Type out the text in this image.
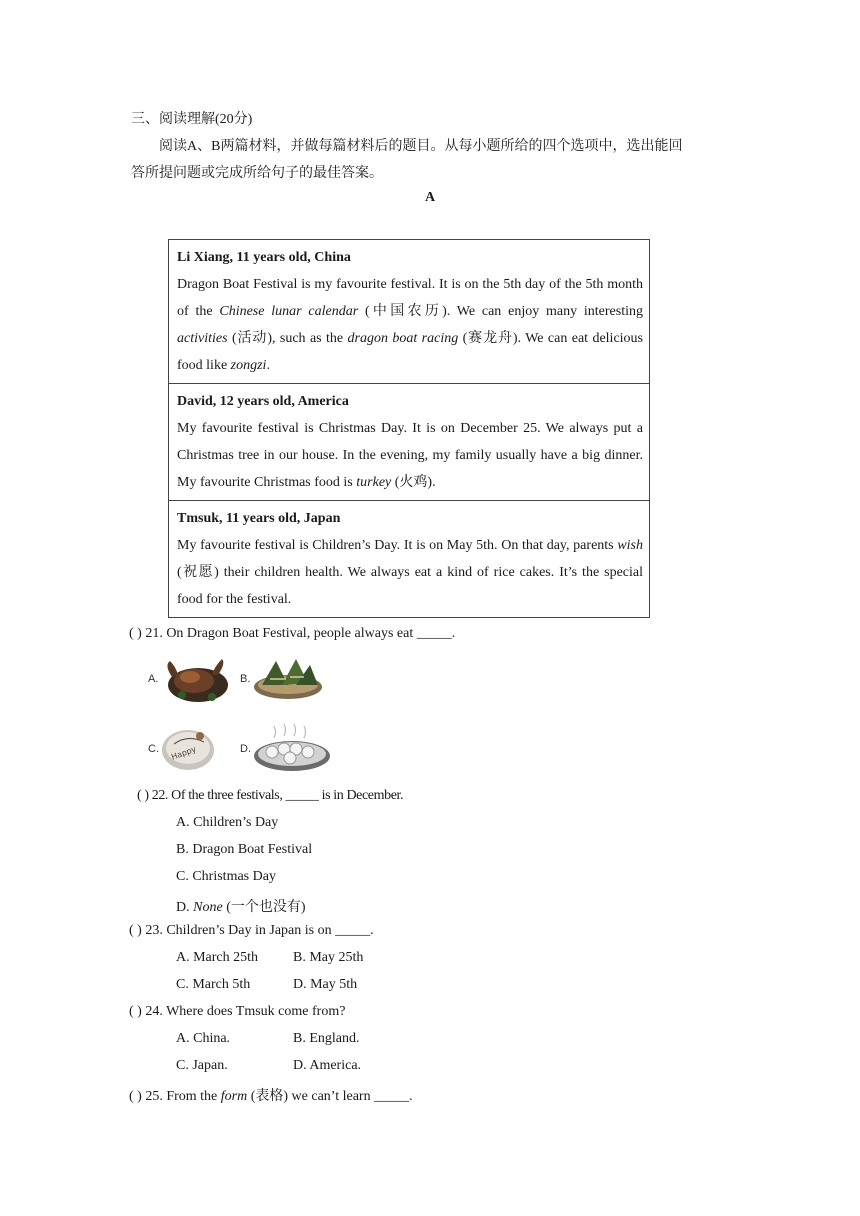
三、阅读理解(20分)
阅读A、B两篇材料，并做每篇材料后的题目。从每小题所给的四个选项中，选出能回
答所提问题或完成所给句子的最佳答案。
A
Li Xiang, 11 years old, China
Dragon Boat Festival is my favourite festival. It is on the 5th day of the 5th month of the Chinese lunar calendar (中国农历). We can enjoy many interesting activities (活动), such as the dragon boat racing (赛龙舟). We can eat delicious food like zongzi.
David, 12 years old, America
My favourite festival is Christmas Day. It is on December 25. We always put a Christmas tree in our house. In the evening, my family usually have a big dinner. My favourite Christmas food is turkey (火鸡).
Tmsuk, 11 years old, Japan
My favourite festival is Children’s Day. It is on May 5th. On that day, parents wish (祝愿) their children health. We always eat a kind of rice cakes. It’s the special food for the festival.
( ) 21. On Dragon Boat Festival, people always eat _____.
A.	B.
C. Happy	D.
( ) 22. Of the three festivals, _____ is in December.
A. Children’s Day
B. Dragon Boat Festival
C. Christmas Day
D. None (一个也没有)
( ) 23. Children’s Day in Japan is on _____.
A. March 25th B. May 25th
C. March 5th	D. May 5th
( ) 24. Where does Tmsuk come from?
A. China.	B. England.
C. Japan.	D. America.
( ) 25. From the form (表格) we can’t learn _____.
